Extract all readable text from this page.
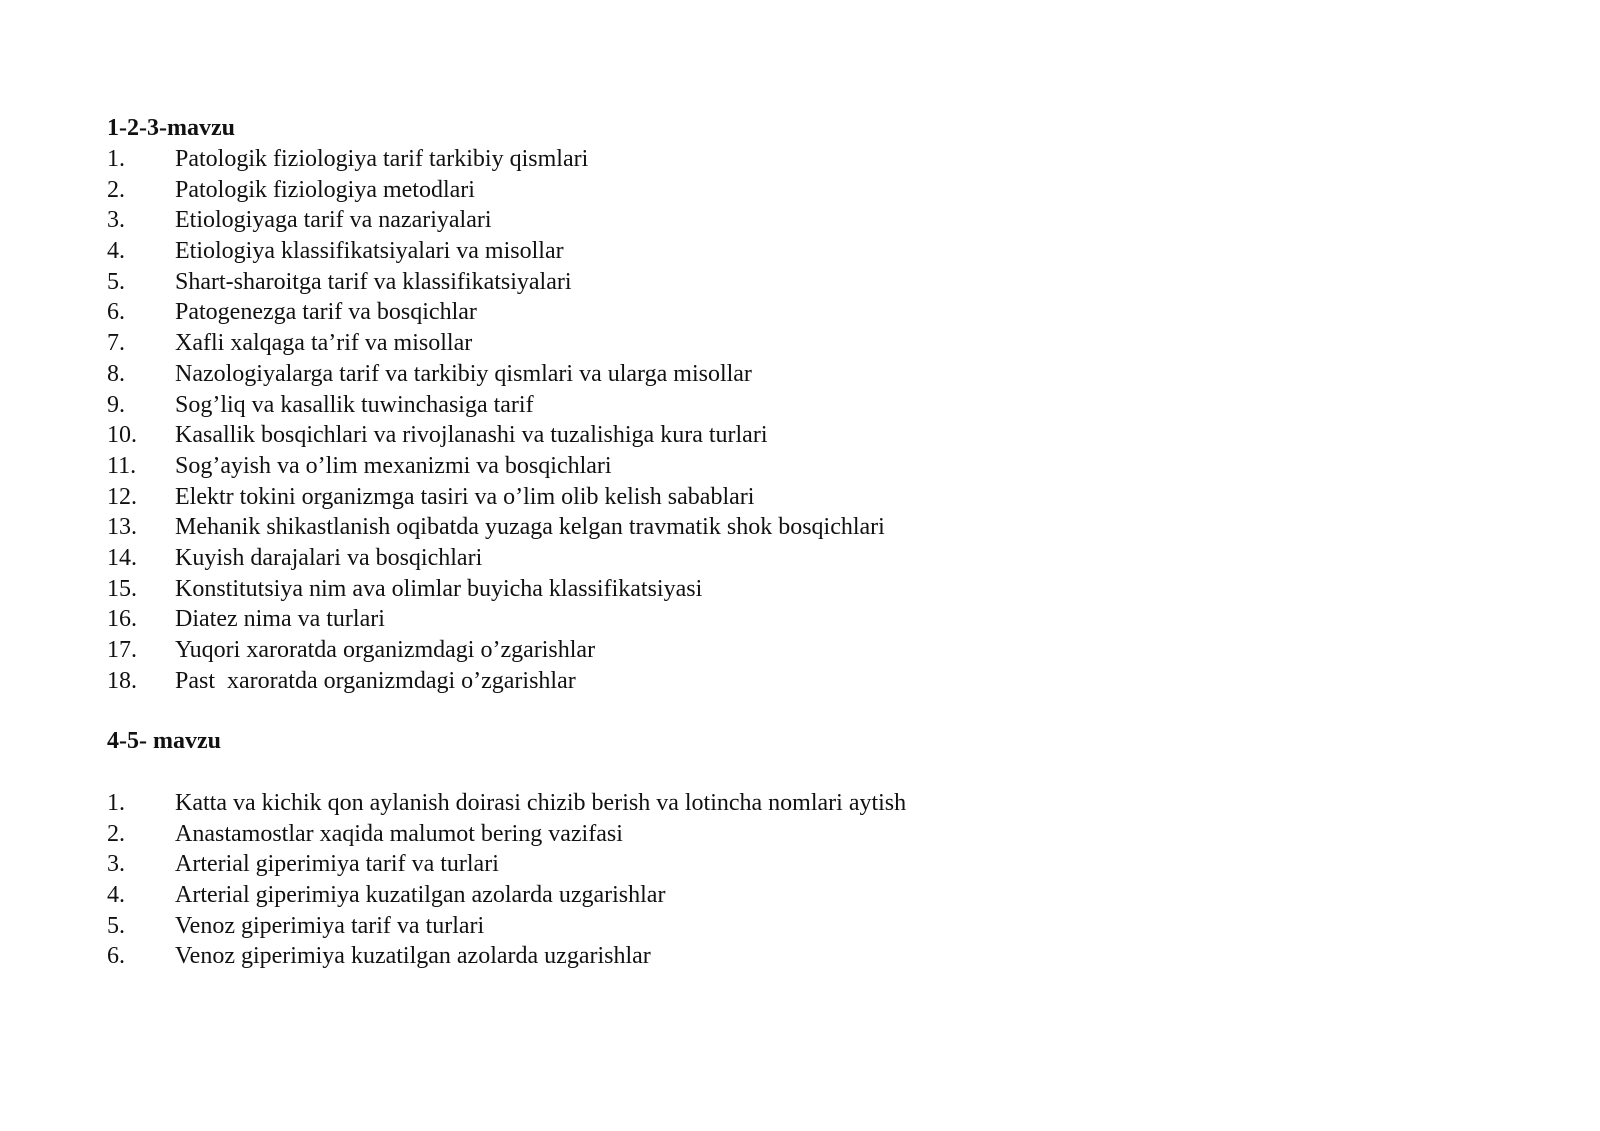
1-2-3-mavzu
1.	Patologik fiziologiya tarif tarkibiy qismlari
2.	Patologik fiziologiya metodlari
3.	Etiologiyaga tarif va nazariyalari
4.	Etiologiya klassifikatsiyalari va misollar
5.	Shart-sharoitga tarif va klassifikatsiyalari
6.	Patogenezga tarif va bosqichlar
7.	Xafli xalqaga ta’rif va misollar
8.	Nazologiyalarga tarif va tarkibiy qismlari va ularga misollar
9.	Sog’liq va kasallik tuwinchasiga tarif
10.	Kasallik bosqichlari va rivojlanashi va tuzalishiga kura turlari
11.	Sog’ayish va o’lim mexanizmi va bosqichlari
12.	Elektr tokini organizmga tasiri va o’lim olib kelish sabablari
13.	Mehanik shikastlanish oqibatda yuzaga kelgan travmatik shok bosqichlari
14.	Kuyish darajalari va bosqichlari
15.	Konstitutsiya nim ava olimlar buyicha klassifikatsiyasi
16.	Diatez nima va turlari
17.	Yuqori xaroratda organizmdagi o’zgarishlar
18.	Past  xaroratda organizmdagi o’zgarishlar
4-5- mavzu
1.	Katta va kichik qon aylanish doirasi chizib berish va lotincha nomlari aytish
2.	Anastamostlar xaqida malumot bering vazifasi
3.	Arterial giperimiya tarif va turlari
4.	Arterial giperimiya kuzatilgan azolarda uzgarishlar
5.	Venoz giperimiya tarif va turlari
6.	Venoz giperimiya kuzatilgan azolarda uzgarishlar
